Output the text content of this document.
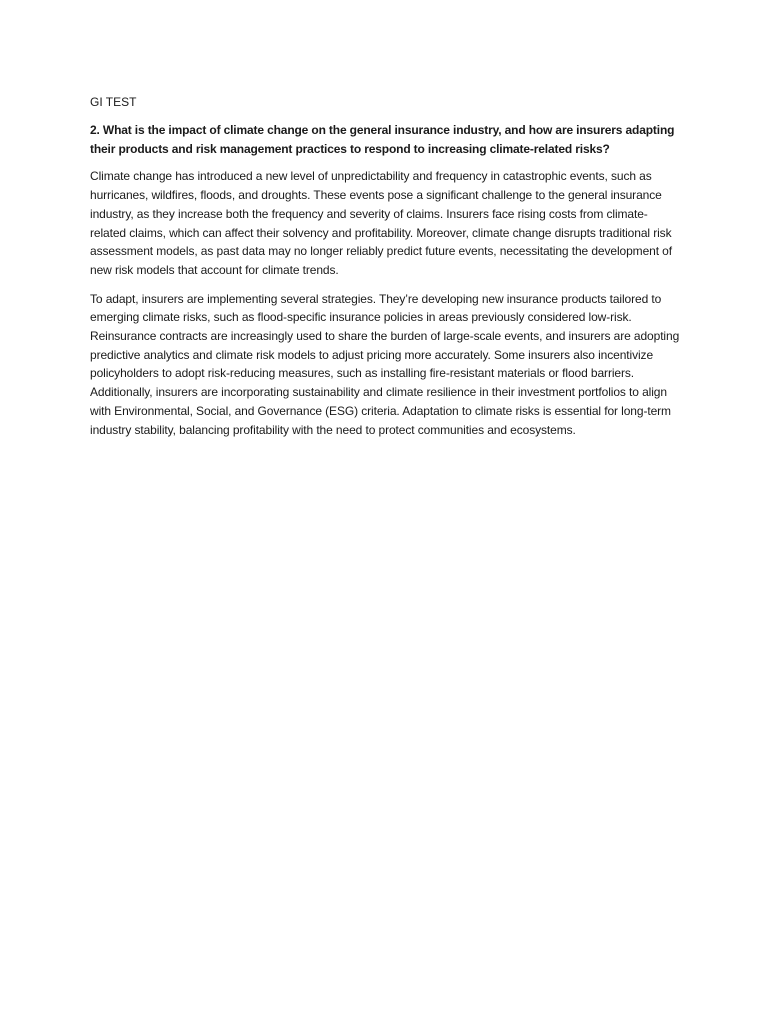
GI TEST

2. What is the impact of climate change on the general insurance industry, and how are insurers adapting their products and risk management practices to respond to increasing climate-related risks?

Climate change has introduced a new level of unpredictability and frequency in catastrophic events, such as hurricanes, wildfires, floods, and droughts. These events pose a significant challenge to the general insurance industry, as they increase both the frequency and severity of claims. Insurers face rising costs from climate-related claims, which can affect their solvency and profitability. Moreover, climate change disrupts traditional risk assessment models, as past data may no longer reliably predict future events, necessitating the development of new risk models that account for climate trends.

To adapt, insurers are implementing several strategies. They’re developing new insurance products tailored to emerging climate risks, such as flood-specific insurance policies in areas previously considered low-risk. Reinsurance contracts are increasingly used to share the burden of large-scale events, and insurers are adopting predictive analytics and climate risk models to adjust pricing more accurately. Some insurers also incentivize policyholders to adopt risk-reducing measures, such as installing fire-resistant materials or flood barriers. Additionally, insurers are incorporating sustainability and climate resilience in their investment portfolios to align with Environmental, Social, and Governance (ESG) criteria. Adaptation to climate risks is essential for long-term industry stability, balancing profitability with the need to protect communities and ecosystems.
